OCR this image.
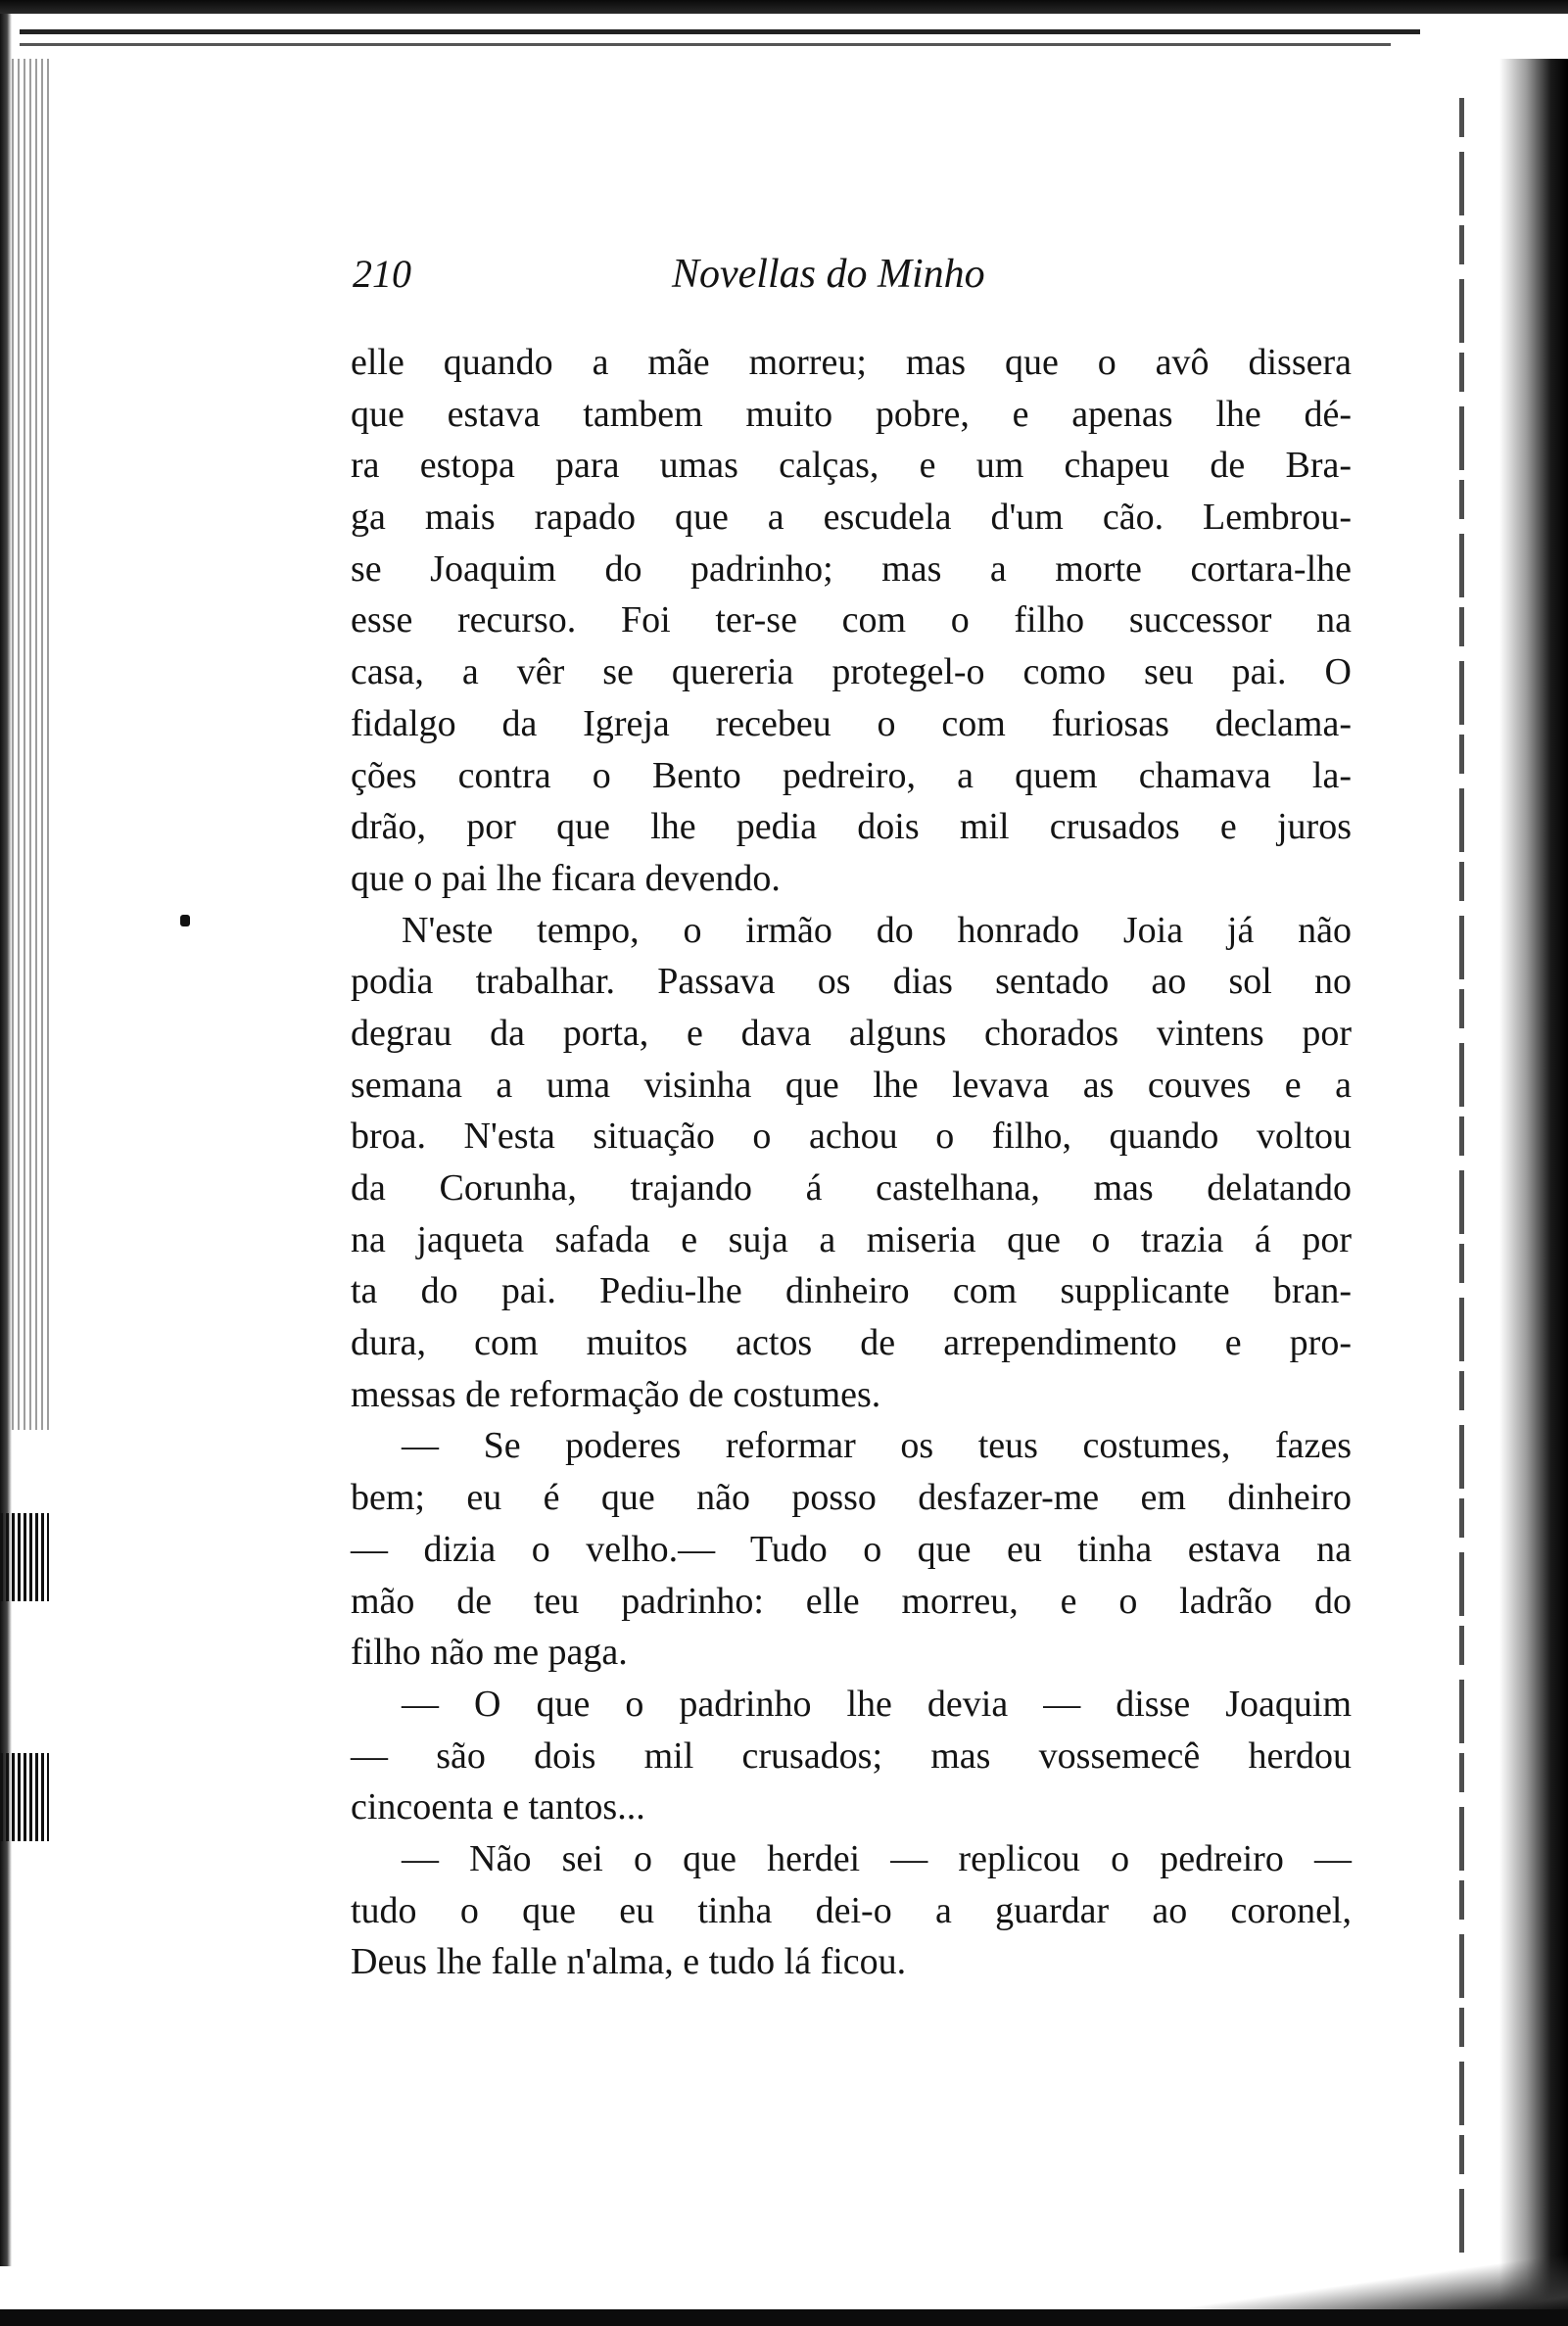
210	Novellas do Minho
elle quando a mãe morreu; mas que o avô dissera
que estava tambem muito pobre, e apenas lhe dé-
ra estopa para umas calças, e um chapeu de Bra-
ga mais rapado que a escudela d'um cão. Lembrou-
se Joaquim do padrinho; mas a morte cortara-lhe
esse recurso. Foi ter-se com o filho successor na
casa, a vêr se quereria protegel-o como seu pai. O
fidalgo da Igreja recebeu o com furiosas declama-
ções contra o Bento pedreiro, a quem chamava la-
drão, por que lhe pedia dois mil crusados e juros
que o pai lhe ficara devendo.
N'este tempo, o irmão do honrado Joia já não
podia trabalhar. Passava os dias sentado ao sol no
degrau da porta, e dava alguns chorados vintens por
semana a uma visinha que lhe levava as couves e a
broa. N'esta situação o achou o filho, quando voltou
da Corunha, trajando á castelhana, mas delatando
na jaqueta safada e suja a miseria que o trazia á por
ta do pai. Pediu-lhe dinheiro com supplicante bran-
dura, com muitos actos de arrependimento e pro-
messas de reformação de costumes.
— Se poderes reformar os teus costumes, fazes
bem; eu é que não posso desfazer-me em dinheiro
— dizia o velho.— Tudo o que eu tinha estava na
mão de teu padrinho: elle morreu, e o ladrão do
filho não me paga.
— O que o padrinho lhe devia — disse Joaquim
— são dois mil crusados; mas vossemecê herdou
cincoenta e tantos...
— Não sei o que herdei — replicou o pedreiro —
tudo o que eu tinha dei-o a guardar ao coronel,
Deus lhe falle n'alma, e tudo lá ficou.
